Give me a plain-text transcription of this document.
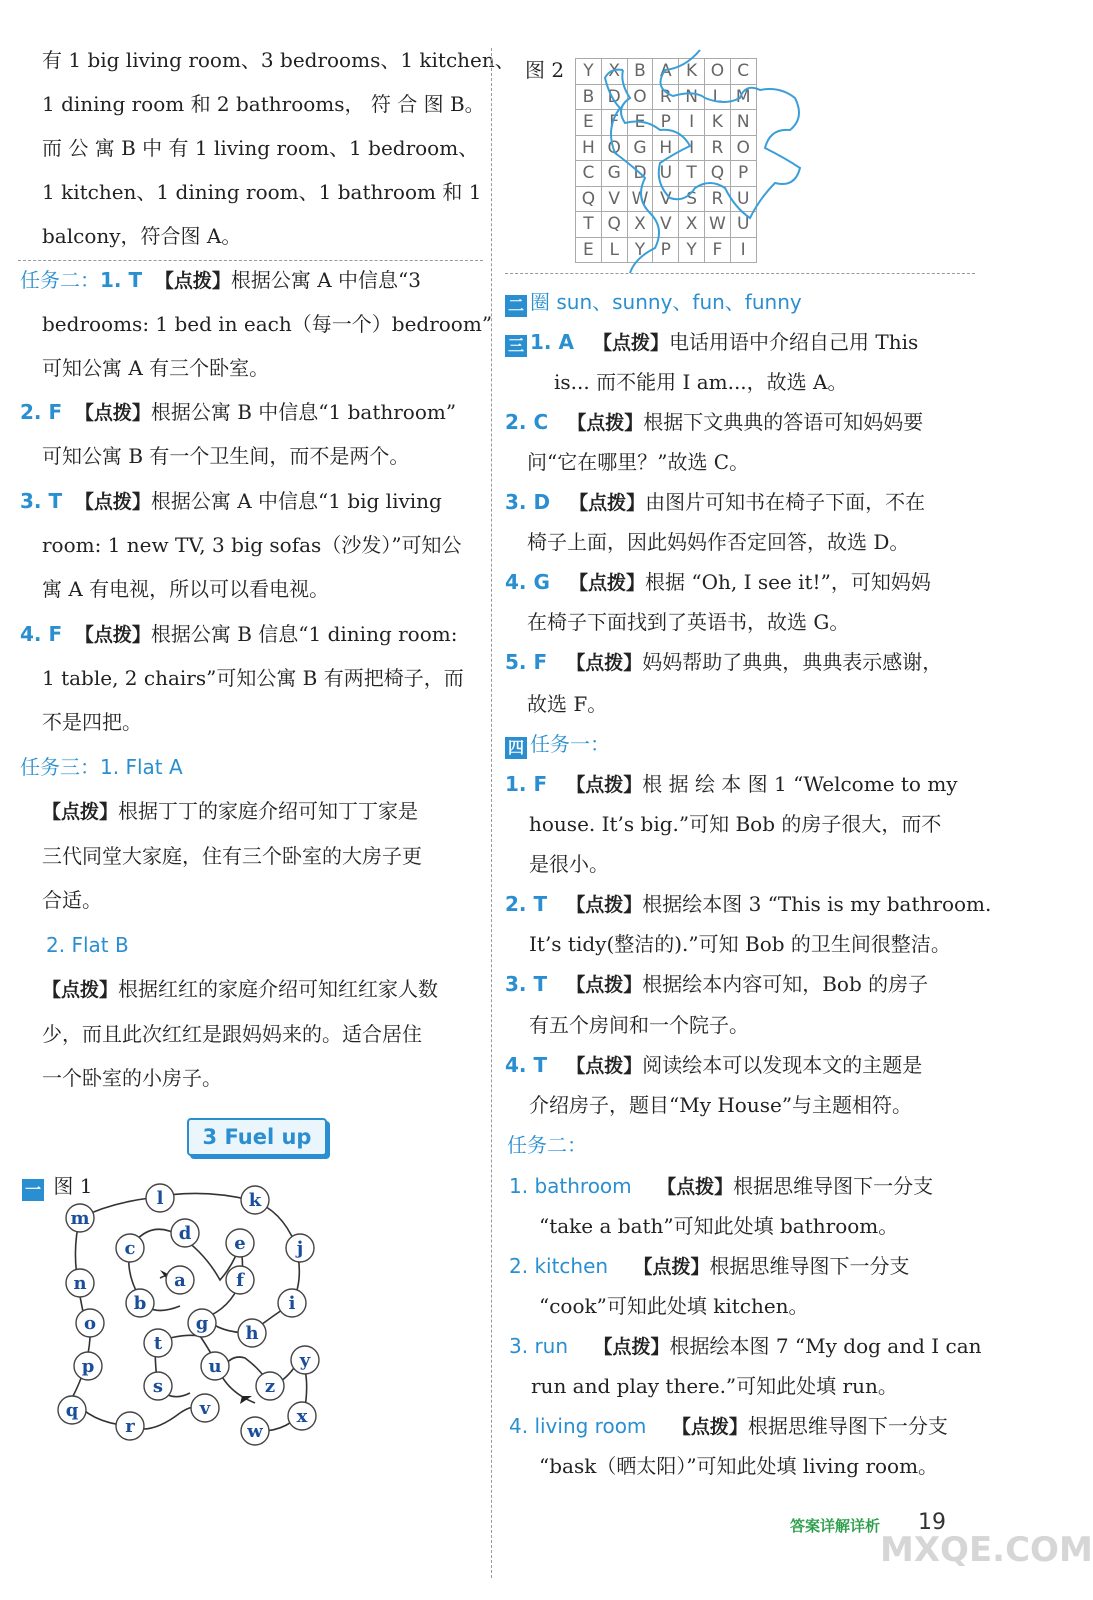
有 1 big living room、3 bedrooms、1 kitchen、
1 dining room 和 2 bathrooms， 符 合 图 B。
而 公 寓 B 中 有 1 living room、1 bedroom、
1 kitchen、1 dining room、1 bathroom 和 1
balcony，符合图 A。
任务二：1. T 【点拨】根据公寓 A 中信息“3
bedrooms: 1 bed in each（每一个）bedroom”
可知公寓 A 有三个卧室。
2. F 【点拨】根据公寓 B 中信息“1 bathroom”
可知公寓 B 有一个卫生间，而不是两个。
3. T 【点拨】根据公寓 A 中信息“1 big living
room: 1 new TV, 3 big sofas（沙发）”可知公
寓 A 有电视，所以可以看电视。
4. F 【点拨】根据公寓 B 信息“1 dining room:
1 table, 2 chairs”可知公寓 B 有两把椅子，而
不是四把。
任务三：1. Flat A
【点拨】根据丁丁的家庭介绍可知丁丁家是
三代同堂大家庭，住有三个卧室的大房子更
合适。
2. Flat B
【点拨】根据红红的家庭介绍可知红红家人数
少，而且此次红红是跟妈妈来的。适合居住
一个卧室的小房子。
3 Fuel up
一 图 1
l	k
m
d e
c	j
a
n
b
f
i
o	g h
t
p	u	y
s	z
q
r
v	x
w
图 2
二 圈 sun、sunny、fun、funny
三 1. A 【点拨】电话用语中介绍自己用 This
is... 而不能用 I am...，故选 A。
2. C 【点拨】根据下文典典的答语可知妈妈要
问“它在哪里？”故选 C。
3. D 【点拨】由图片可知书在椅子下面，不在
椅子上面，因此妈妈作否定回答，故选 D。
4. G 【点拨】根据 “Oh, I see it!”，可知妈妈
在椅子下面找到了英语书，故选 G。
5. F 【点拨】妈妈帮助了典典，典典表示感谢，
故选 F。
四 任务一：
1. F 【点拨】根 据 绘 本 图 1 “Welcome to my
house. It’s big.”可知 Bob 的房子很大，而不
是很小。
2. T 【点拨】根据绘本图 3 “This is my bathroom.
It’s tidy(整洁的).”可知 Bob 的卫生间很整洁。
3. T 【点拨】根据绘本内容可知，Bob 的房子
有五个房间和一个院子。
4. T 【点拨】阅读绘本可以发现本文的主题是
介绍房子，题目“My House”与主题相符。
任务二：
1. bathroom 【点拨】根据思维导图下一分支
“take a bath”可知此处填 bathroom。
2. kitchen 【点拨】根据思维导图下一分支
“cook”可知此处填 kitchen。
3. run 【点拨】根据绘本图 7 “My dog and I can
run and play there.”可知此处填 run。
4. living room 【点拨】根据思维导图下一分支
“bask（晒太阳）”可知此处填 living room。
Y	X	B	A	K	O	C
B	D	O	R	N	L	M
E	F	E	P	I	K	N
H	Q	G	H	I	R	O
C	G	D	U	T	Q	P
Q	V	W	V	S	R	U
T	Q	X	V	X	W	U
E	L	Y	P	Y	F	I
答案详解详析 19
MXQE.COM
